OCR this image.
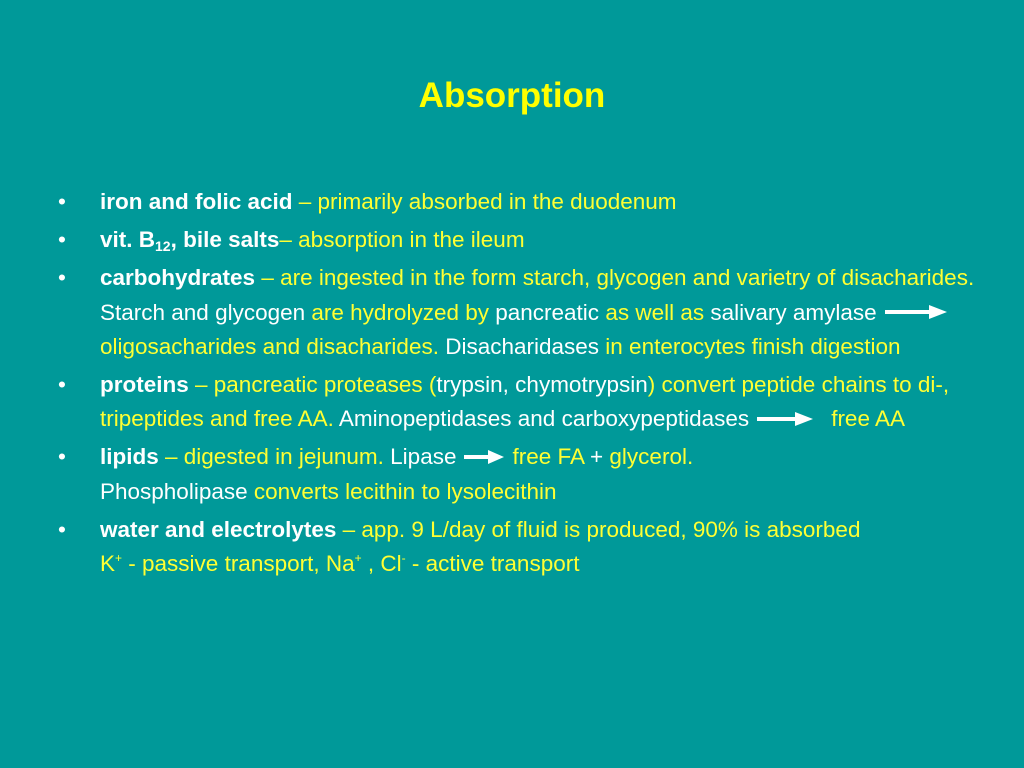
Absorption
• iron and folic acid – primarily absorbed in the duodenum
• vit. $B_{12}$, bile salts– absorption in the ileum
• carbohydrates – are ingested in the form starch, glycogen and varietry of disacharides. Starch and glycogen are hydrolyzed by pancreatic as well as salivary amylaseoligosacharides and disacharides. Disacharidases in enterocytes finish digestion
• proteins – pancreatic proteases (trypsin, chymotrypsin) convert peptide chains to di-, tripeptides and free AA. Aminopeptidases and carboxypeptidases	free AA
• lipids – digested in jejunum. Lipase free FA + glycerol.
Phospholipase converts lecithin to lysolecithin
• water and electrolytes – app. 9 L/day of fluid is produced, 90% is absorbed
K+ - passive transport, Na+ , Cl- - active transport
